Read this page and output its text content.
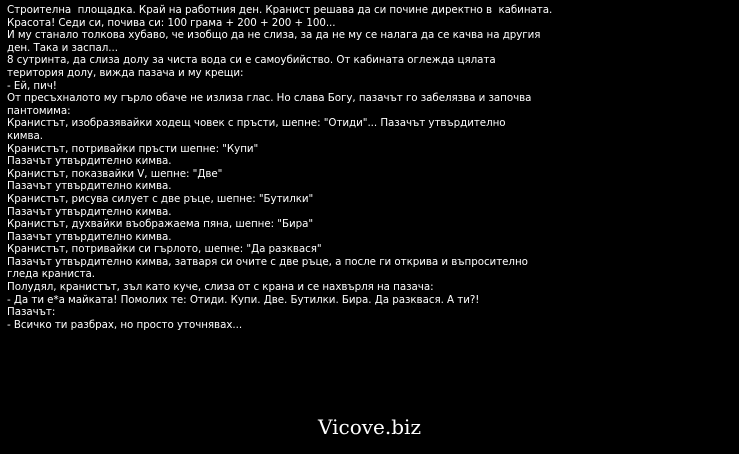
Строителна  площадка. Край на работния ден. Кранист решава да си почине директно в  кабината.
Красота! Седи си, почива си: 100 грама + 200 + 200 + 100...
И му станало толкова хубаво, че изобщо да не слиза, за да не му се налага да се качва на другия
ден. Така и заспал...
8 сутринта, да слиза долу за чиста вода си е самоубийство. От кабината оглежда цялата
територия долу, вижда пазача и му крещи:
- Ей, пич!
От пресъхналото му гърло обаче не излиза глас. Но слава Богу, пазачът го забелязва и започва
пантомима:
Кранистът, изобразявайки ходещ човек с пръсти, шепне: "Отиди"... Пазачът утвърдително
кимва.
Кранистът, потривайки пръсти шепне: "Купи"
Пазачът утвърдително кимва.
Кранистът, показвайки V, шепне: "Две"
Пазачът утвърдително кимва.
Кранистът, рисува силует с две ръце, шепне: "Бутилки"
Пазачът утвърдително кимва.
Кранистът, духвайки въображаема пяна, шепне: "Бира"
Пазачът утвърдително кимва.
Кранистът, потривайки си гърлото, шепне: "Да разквася"
Пазачът утвърдително кимва, затваря си очите с две ръце, а после ги открива и въпросително
гледа крaниста.
Полудял, кранистът, зъл като куче, слиза от с крана и се нахвърля на пазача:
- Да ти е*а майката! Помолих те: Отиди. Купи. Две. Бутилки. Бира. Да разквася. А ти?!
Пазачът:
- Всичко ти разбрах, но просто уточнявах...
Vicove.biz
